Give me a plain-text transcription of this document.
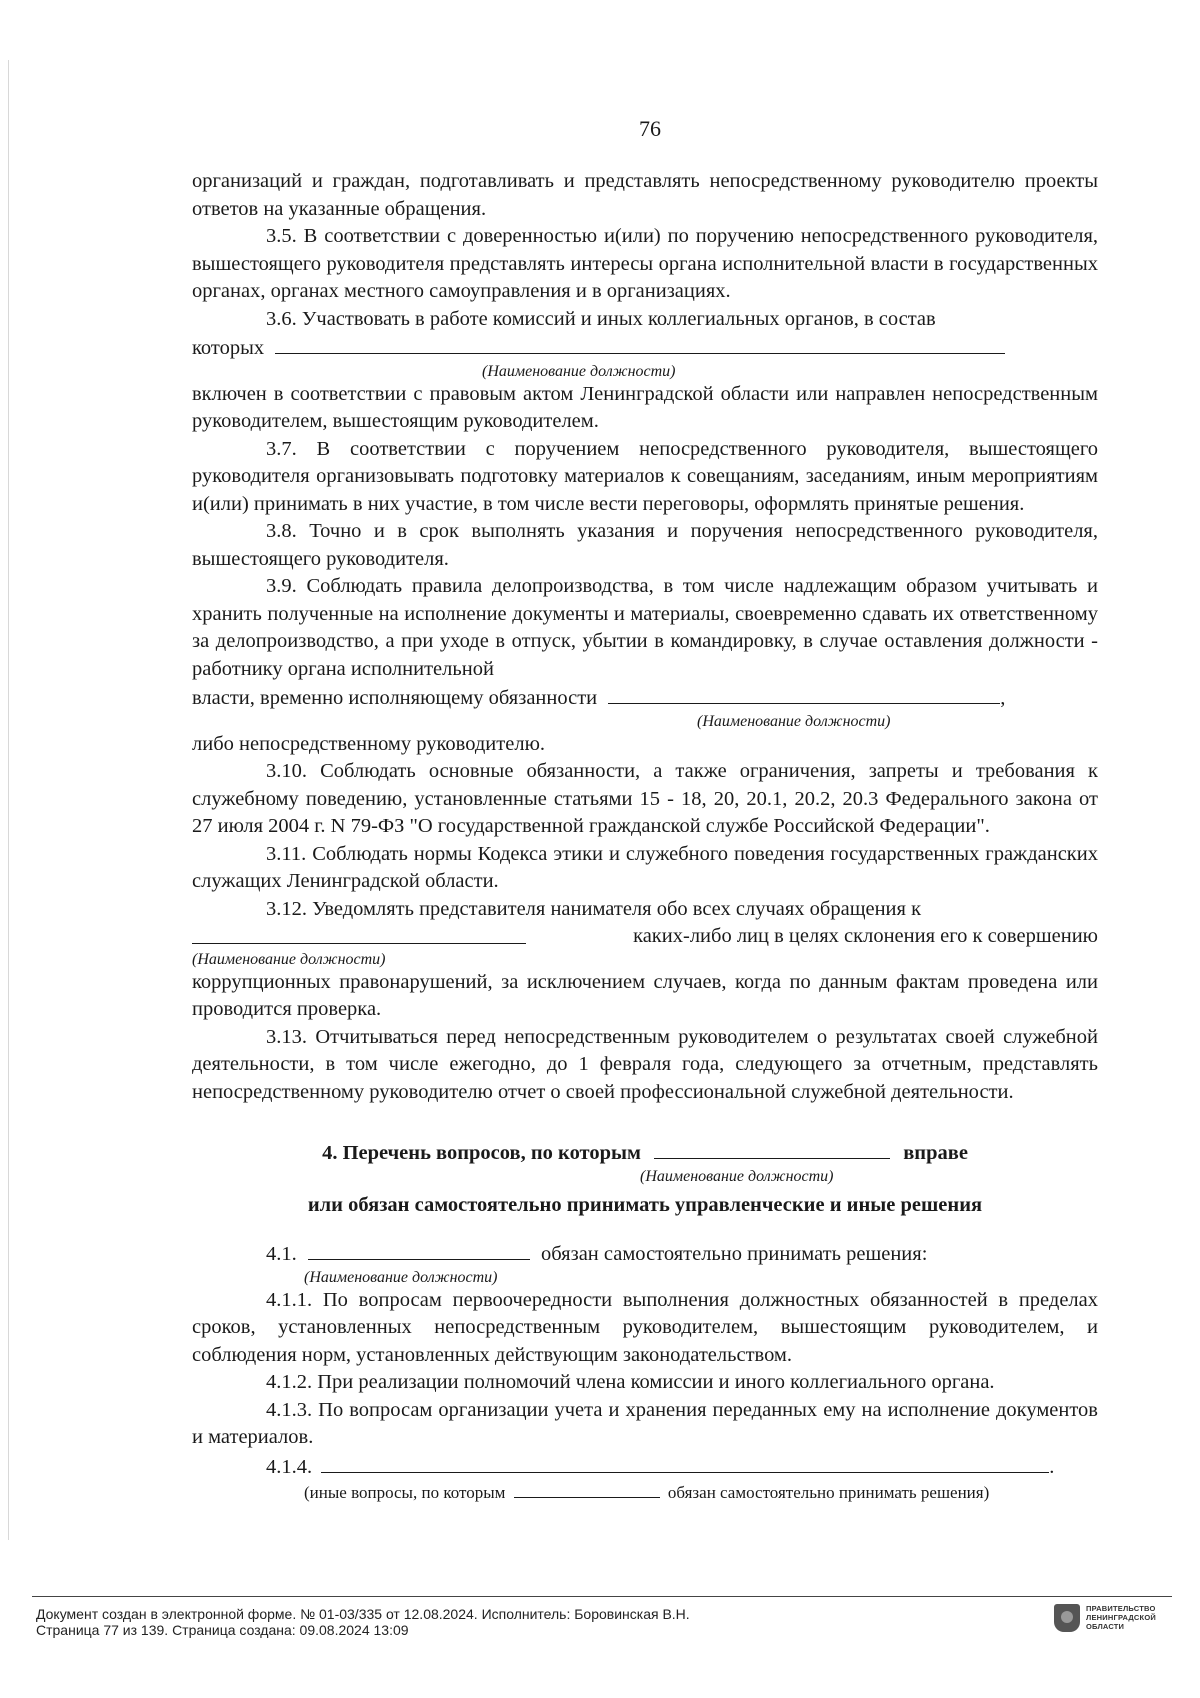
76

организаций и граждан, подготавливать и представлять непосредственному руководителю проекты ответов на указанные обращения.

3.5. В соответствии с доверенностью и(или) по поручению непосредственного руководителя, вышестоящего руководителя представлять интересы органа исполнительной власти в государственных органах, органах местного самоуправления и в организациях.

3.6. Участвовать в работе комиссий и иных коллегиальных органов, в состав

которых

(Наименование должности)

включен в соответствии с правовым актом Ленинградской области или направлен непосредственным руководителем, вышестоящим руководителем.

3.7. В соответствии с поручением непосредственного руководителя, вышестоящего руководителя организовывать подготовку материалов к совещаниям, заседаниям, иным мероприятиям и(или) принимать в них участие, в том числе вести переговоры, оформлять принятые решения.

3.8. Точно и в срок выполнять указания и поручения непосредственного руководителя, вышестоящего руководителя.

3.9. Соблюдать правила делопроизводства, в том числе надлежащим образом учитывать и хранить полученные на исполнение документы и материалы, своевременно сдавать их ответственному за делопроизводство, а при уходе в отпуск, убытии в командировку, в случае оставления должности - работнику органа исполнительной

власти, временно исполняющему обязанности	,

(Наименование должности)

либо непосредственному руководителю.

3.10. Соблюдать основные обязанности, а также ограничения, запреты и требования к служебному поведению, установленные статьями 15 - 18, 20, 20.1, 20.2, 20.3 Федерального закона от 27 июля 2004 г. N 79-ФЗ "О государственной гражданской службе Российской Федерации".

3.11. Соблюдать нормы Кодекса этики и служебного поведения государственных гражданских служащих Ленинградской области.

3.12. Уведомлять представителя нанимателя обо всех случаях обращения к

каких-либо лиц в целях склонения его к совершению

(Наименование должности)

коррупционных правонарушений, за исключением случаев, когда по данным фактам проведена или проводится проверка.

3.13. Отчитываться перед непосредственным руководителем о результатах своей служебной деятельности, в том числе ежегодно, до 1 февраля года, следующего за отчетным, представлять непосредственному руководителю отчет о своей профессиональной служебной деятельности.

4. Перечень вопросов, по которым	вправе

(Наименование должности)

или обязан самостоятельно принимать управленческие и иные решения

4.1.	обязан самостоятельно принимать решения:

(Наименование должности)

4.1.1. По вопросам первоочередности выполнения должностных обязанностей в пределах сроков, установленных непосредственным руководителем, вышестоящим руководителем, и соблюдения норм, установленных действующим законодательством.

4.1.2. При реализации полномочий члена комиссии и иного коллегиального органа.

4.1.3. По вопросам организации учета и хранения переданных ему на исполнение документов и материалов.

4.1.4.	.

(иные вопросы, по которым	обязан самостоятельно принимать решения)

Документ создан в электронной форме. № 01-03/335 от 12.08.2024. Исполнитель: Боровинская В.Н.
Страница 77 из 139. Страница создана: 09.08.2024 13:09
ПРАВИТЕЛЬСТВО
ЛЕНИНГРАДСКОЙ
ОБЛАСТИ
